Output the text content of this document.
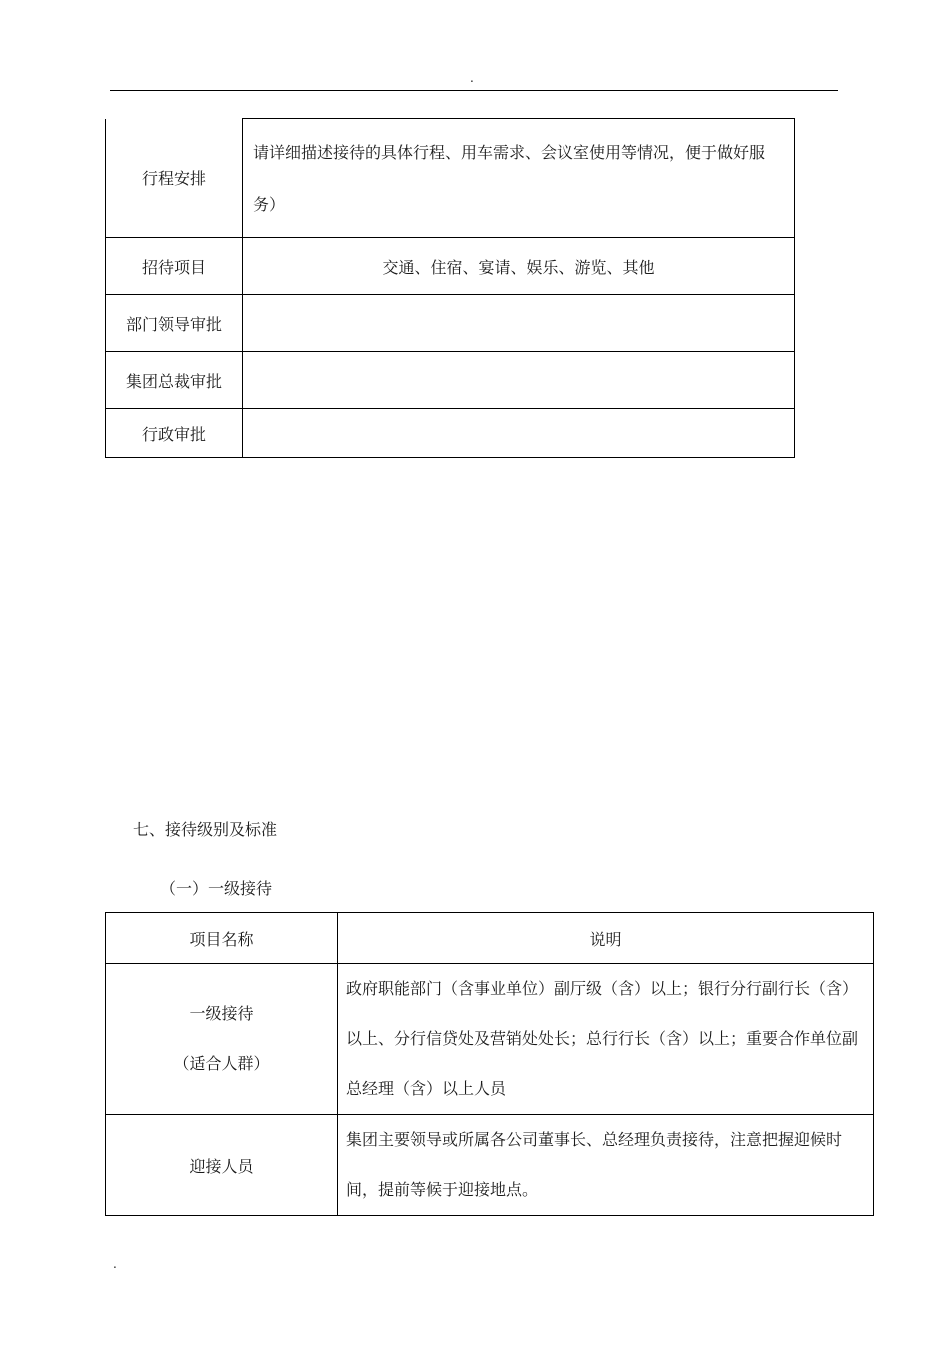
.
行程安排	请详细描述接待的具体行程、用车需求、会议室使用等情况，便于做好服务）

招待项目	交通、住宿、宴请、娱乐、游览、其他
部门领导审批	
集团总裁审批	
行政审批	
七、接待级别及标准
（一）一级接待
项目名称	说明

一级接待
（适合人群）	政府职能部门（含事业单位）副厅级（含）以上；银行分行副行长（含）以上、分行信贷处及营销处处长；总行行长（含）以上；重要合作单位副总经理（含）以上人员

迎接人员	集团主要领导或所属各公司董事长、总经理负责接待，注意把握迎候时间，提前等候于迎接地点。
.
